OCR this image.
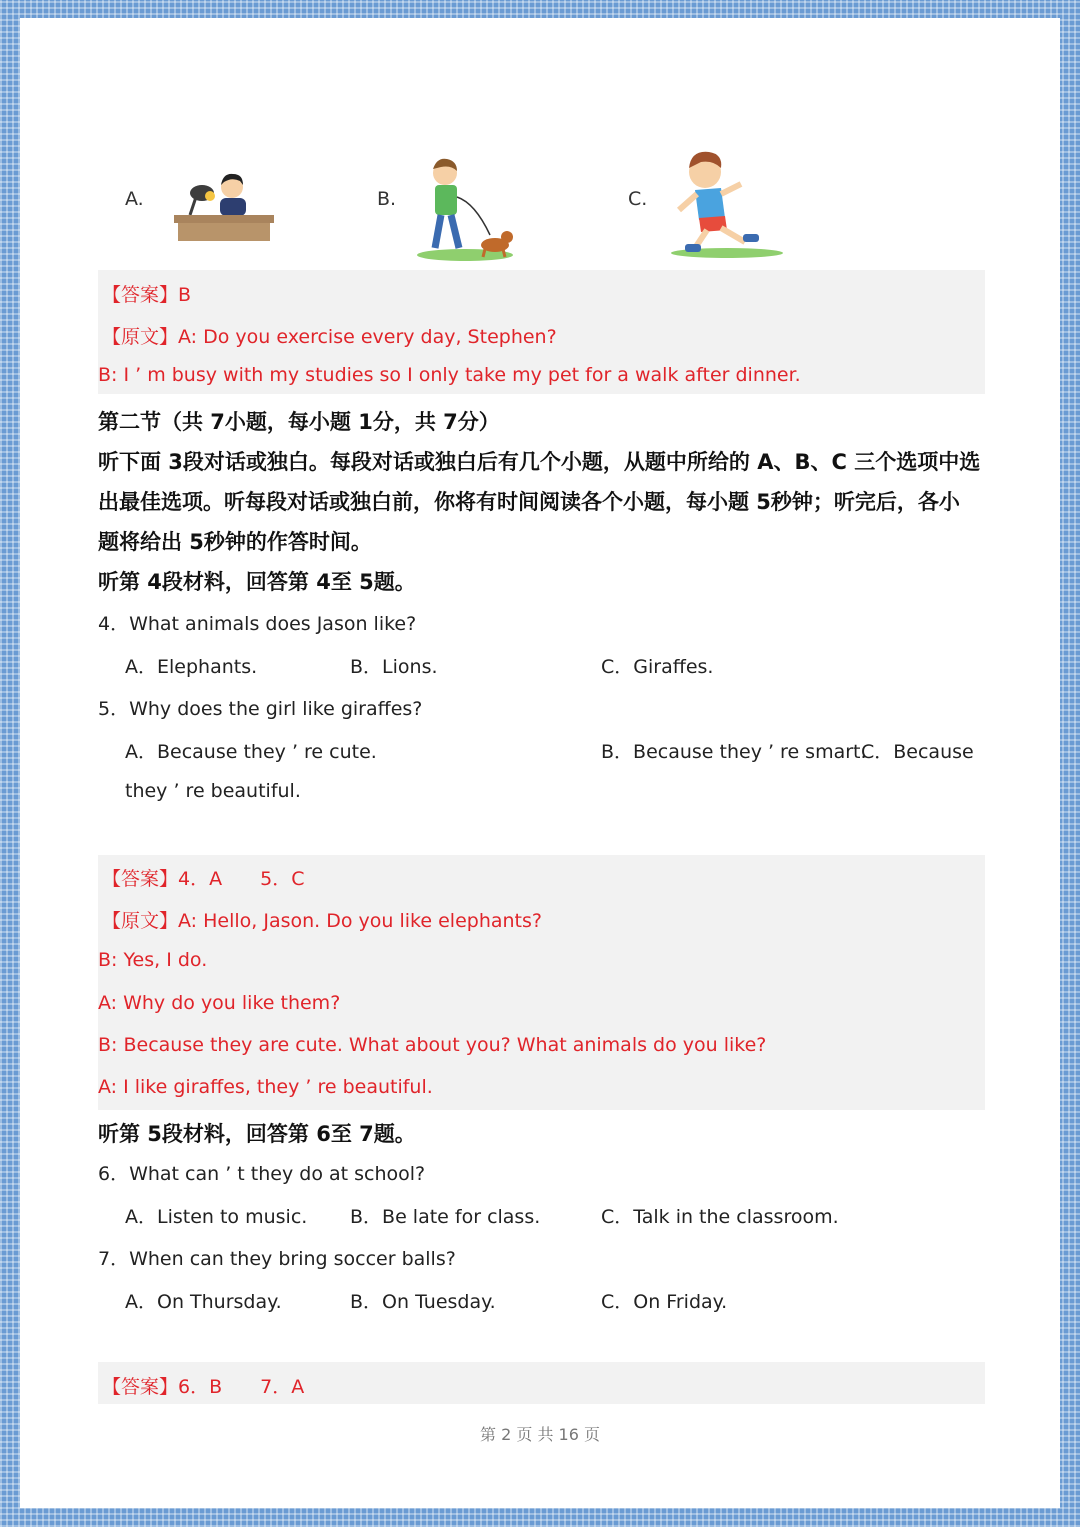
A.	B.	C.
【答案】B
【原文】A: Do you exercise every day, Stephen?
B: I ’ m busy with my studies so I only take my pet for a walk after dinner.
第二节（共 7小题，每小题 1分，共 7分）
听下面 3段对话或独白。每段对话或独白后有几个小题，从题中所给的 A、B、C 三个选项中选
出最佳选项。听每段对话或独白前，你将有时间阅读各个小题，每小题 5秒钟；听完后，各小
题将给出 5秒钟的作答时间。
听第 4段材料，回答第 4至 5题。
4．What animals does Jason like?
A．Elephants.	B．Lions.	C．Giraffes.
5．Why does the girl like giraffes?
A．Because they ’ re cute.	B．Because they ’ re smart.
C．Because
they ’ re beautiful.
【答案】4．A　　5．C
【原文】A: Hello, Jason. Do you like elephants?
B: Yes, I do.
A: Why do you like them?
B: Because they are cute. What about you? What animals do you like?
A: I like giraffes, they ’ re beautiful.
听第 5段材料，回答第 6至 7题。
6．What can ’ t they do at school?
A．Listen to music. B．Be late for class.	C．Talk in the classroom.
7．When can they bring soccer balls?
A．On Thursday.	B．On Tuesday.	C．On Friday.
【答案】6．B　　7．A
第 2 页 共 16 页
